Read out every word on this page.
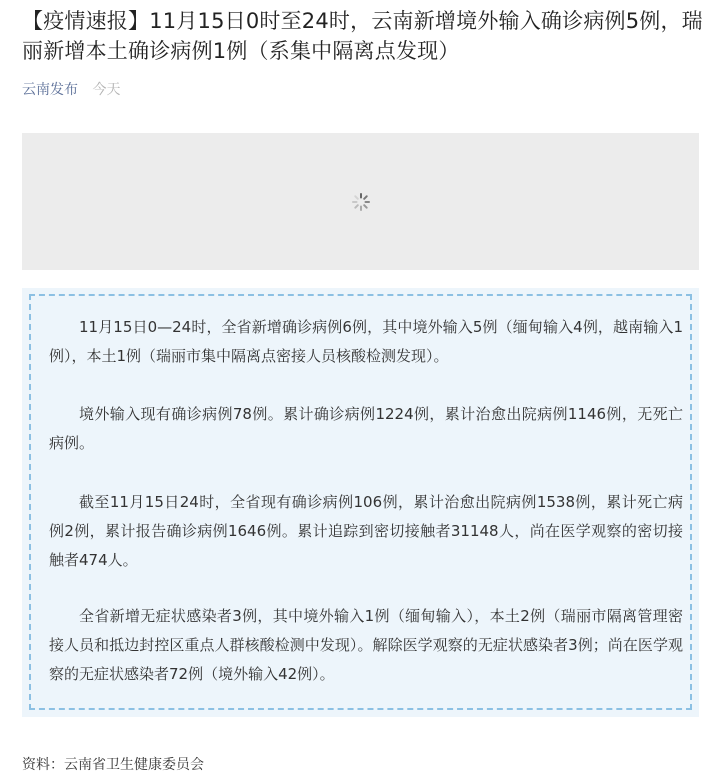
【疫情速报】11月15日0时至24时，云南新增境外输入确诊病例5例，瑞丽新增本土确诊病例1例（系集中隔离点发现）
云南发布 今天

11月15日0—24时，全省新增确诊病例6例，其中境外输入5例（缅甸输入4例，越南输入1例），本土1例（瑞丽市集中隔离点密接人员核酸检测发现）。

境外输入现有确诊病例78例。累计确诊病例1224例，累计治愈出院病例1146例，无死亡病例。

截至11月15日24时，全省现有确诊病例106例，累计治愈出院病例1538例，累计死亡病例2例，累计报告确诊病例1646例。累计追踪到密切接触者31148人，尚在医学观察的密切接触者474人。

全省新增无症状感染者3例，其中境外输入1例（缅甸输入），本土2例（瑞丽市隔离管理密接人员和抵边封控区重点人群核酸检测中发现）。解除医学观察的无症状感染者3例；尚在医学观察的无症状感染者72例（境外输入42例）。

资料：云南省卫生健康委员会
